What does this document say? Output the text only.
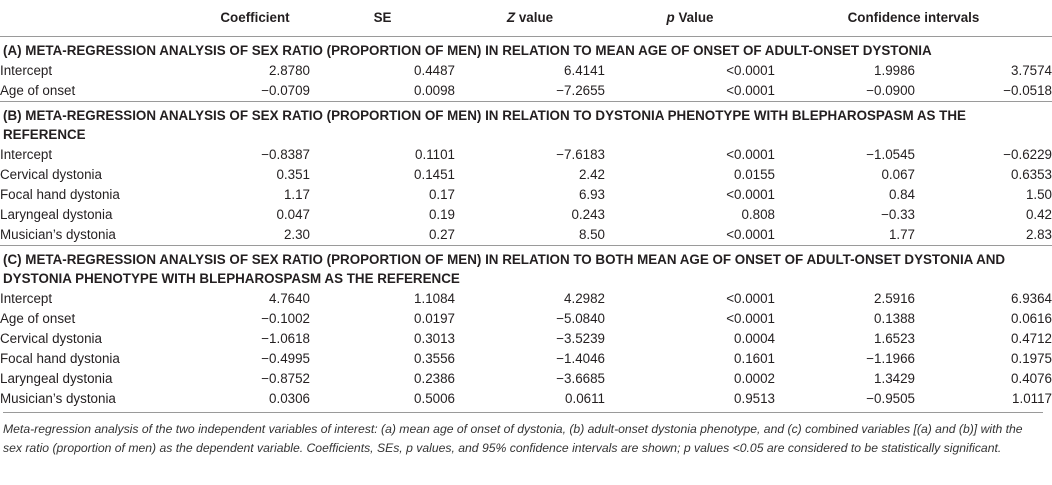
	Coefficient	SE	Z value	p Value	Confidence intervals	
(A) META-REGRESSION ANALYSIS OF SEX RATIO (PROPORTION OF MEN) IN RELATION TO MEAN AGE OF ONSET OF ADULT-ONSET DYSTONIA						
Intercept	2.8780	0.4487	6.4141	<0.0001	1.9986	3.7574
Age of onset	−0.0709	0.0098	−7.2655	<0.0001	−0.0900	−0.0518
(B) META-REGRESSION ANALYSIS OF SEX RATIO (PROPORTION OF MEN) IN RELATION TO DYSTONIA PHENOTYPE WITH BLEPHAROSPASM AS THE REFERENCE						
Intercept	−0.8387	0.1101	−7.6183	<0.0001	−1.0545	−0.6229
Cervical dystonia	0.351	0.1451	2.42	0.0155	0.067	0.6353
Focal hand dystonia	1.17	0.17	6.93	<0.0001	0.84	1.50
Laryngeal dystonia	0.047	0.19	0.243	0.808	−0.33	0.42
Musician’s dystonia	2.30	0.27	8.50	<0.0001	1.77	2.83
(C) META-REGRESSION ANALYSIS OF SEX RATIO (PROPORTION OF MEN) IN RELATION TO BOTH MEAN AGE OF ONSET OF ADULT-ONSET DYSTONIA AND DYSTONIA PHENOTYPE WITH BLEPHAROSPASM AS THE REFERENCE						
Intercept	4.7640	1.1084	4.2982	<0.0001	2.5916	6.9364
Age of onset	−0.1002	0.0197	−5.0840	<0.0001	0.1388	0.0616
Cervical dystonia	−1.0618	0.3013	−3.5239	0.0004	1.6523	0.4712
Focal hand dystonia	−0.4995	0.3556	−1.4046	0.1601	−1.1966	0.1975
Laryngeal dystonia	−0.8752	0.2386	−3.6685	0.0002	1.3429	0.4076
Musician’s dystonia	0.0306	0.5006	0.0611	0.9513	−0.9505	1.0117
Meta-regression analysis of the two independent variables of interest: (a) mean age of onset of dystonia, (b) adult-onset dystonia phenotype, and (c) combined variables [(a) and (b)] with the sex ratio (proportion of men) as the dependent variable. Coefficients, SEs, p values, and 95% confidence intervals are shown; p values <0.05 are considered to be statistically significant.
